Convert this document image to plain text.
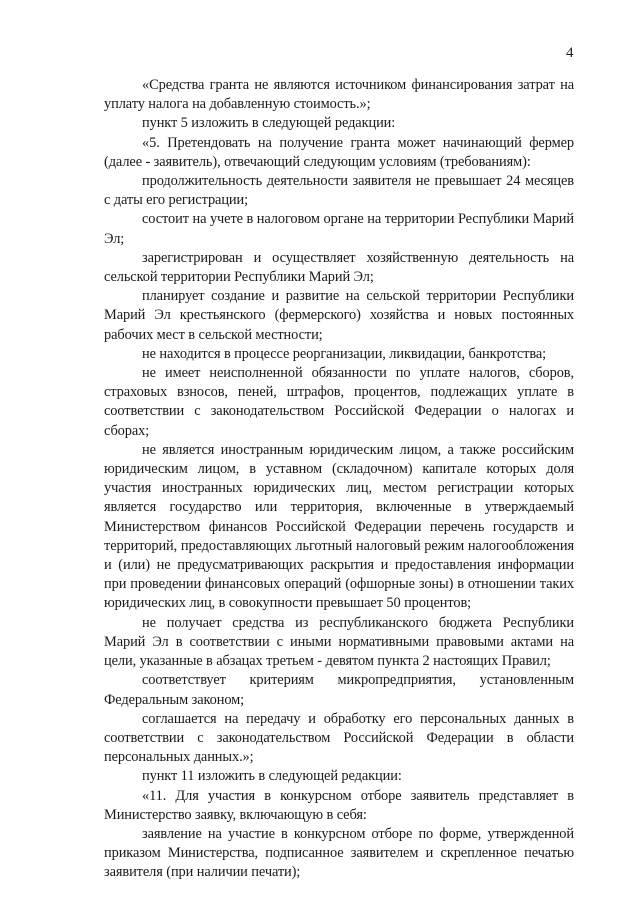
4

«Средства гранта не являются источником финансирования затрат на уплату налога на добавленную стоимость.»;

пункт 5 изложить в следующей редакции:

«5. Претендовать на получение гранта может начинающий фермер (далее - заявитель), отвечающий следующим условиям (требованиям):

продолжительность деятельности заявителя не превышает 24 месяцев с даты его регистрации;

состоит на учете в налоговом органе на территории Республики Марий Эл;

зарегистрирован и осуществляет хозяйственную деятельность на сельской территории Республики Марий Эл;

планирует создание и развитие на сельской территории Республики Марий Эл крестьянского (фермерского) хозяйства и новых постоянных рабочих мест в сельской местности;

не находится в процессе реорганизации, ликвидации, банкротства;

не имеет неисполненной обязанности по уплате налогов, сборов, страховых взносов, пеней, штрафов, процентов, подлежащих уплате в соответствии с законодательством Российской Федерации о налогах и сборах;

не является иностранным юридическим лицом, а также российским юридическим лицом, в уставном (складочном) капитале которых доля участия иностранных юридических лиц, местом регистрации которых является государство или территория, включенные в утверждаемый Министерством финансов Российской Федерации перечень государств и территорий, предоставляющих льготный налоговый режим налогообложения и (или) не предусматривающих раскрытия и предоставления информации при проведении финансовых операций (офшорные зоны) в отношении таких юридических лиц, в совокупности превышает 50 процентов;

не получает средства из республиканского бюджета Республики Марий Эл в соответствии с иными нормативными правовыми актами на цели, указанные в абзацах третьем - девятом пункта 2 настоящих Правил;

соответствует критериям микропредприятия, установленным Федеральным законом;

соглашается на передачу и обработку его персональных данных в соответствии с законодательством Российской Федерации в области персональных данных.»;

пункт 11 изложить в следующей редакции:

«11. Для участия в конкурсном отборе заявитель представляет в Министерство заявку, включающую в себя:

заявление на участие в конкурсном отборе по форме, утвержденной приказом Министерства, подписанное заявителем и скрепленное печатью заявителя (при наличии печати);
